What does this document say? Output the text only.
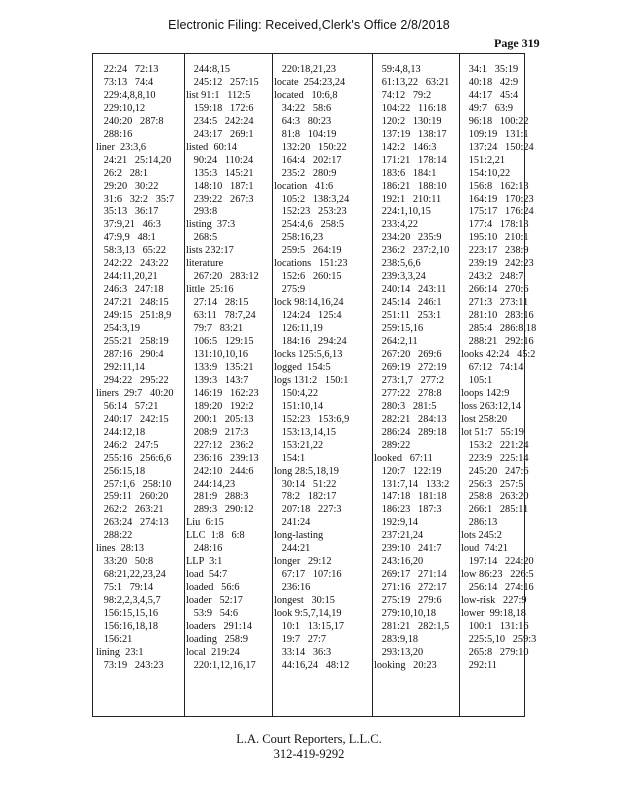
Electronic Filing: Received,Clerk's Office 2/8/2018
Page 319
22:24   72:13
73:13   74:4
229:4,8,8,10
229:10,12
240:20   287:8
288:16
liner  23:3,6
24:21   25:14,20
26:2   28:1
29:20   30:22
31:6   32:2   35:7
35:13   36:17
37:9,21   46:3
47:9,9   48:1
58:3,13   65:22
242:22   243:22
244:11,20,21
246:3   247:18
247:21   248:15
249:15   251:8,9
254:3,19
255:21   258:19
287:16   290:4
292:11,14
294:22   295:22
liners  29:7   40:20
56:14   57:21
240:17   242:15
244:12,18
246:2   247:5
255:16   256:6,6
256:15,18
257:1,6   258:10
259:11   260:20
262:2   263:21
263:24   274:13
288:22
lines  28:13
33:20   50:8
68:21,22,23,24
75:1   79:14
98:2,2,3,4,5,7
156:15,15,16
156:16,18,18
156:21
lining  23:1
73:19   243:23
244:8,15
245:12   257:15
list 91:1   112:5
159:18   172:6
234:5   242:24
243:17   269:1
listed  60:14
90:24   110:24
135:3   145:21
148:10   187:1
239:22   267:3
293:8
listing  37:3
268:5
lists 232:17
literature
267:20   283:12
little  25:16
27:14   28:15
63:11   78:7,24
79:7   83:21
106:5   129:15
131:10,10,16
133:9   135:21
139:3   143:7
146:19   162:23
189:20   192:2
200:1   205:13
208:9   217:3
227:12   236:2
236:16   239:13
242:10   244:6
244:14,23
281:9   288:3
289:3   290:12
Liu  6:15
LLC  1:8   6:8
248:16
LLP  3:1
load  54:7
loaded   56:6
loader   52:17
53:9   54:6
loaders   291:14
loading   258:9
local  219:24
220:1,12,16,17
220:18,21,23
locate  254:23,24
located   10:6,8
34:22   58:6
64:3   80:23
81:8   104:19
132:20   150:22
164:4   202:17
235:2   280:9
location   41:6
105:2   138:3,24
152:23   253:23
254:4,6   258:5
258:16,23
259:5   264:19
locations   151:23
152:6   260:15
275:9
lock 98:14,16,24
124:24   125:4
126:11,19
184:16   294:24
locks 125:5,6,13
logged  154:5
logs 131:2   150:1
150:4,22
151:10,14
152:23   153:6,9
153:13,14,15
153:21,22
154:1
long 28:5,18,19
30:14   51:22
78:2   182:17
207:18   227:3
241:24
long-lasting
244:21
longer   29:12
67:17   107:16
236:16
longest   30:15
look 9:5,7,14,19
10:1   13:15,17
19:7   27:7
33:14   36:3
44:16,24   48:12
59:4,8,13
61:13,22   63:21
74:12   79:2
104:22   116:18
120:2   130:19
137:19   138:17
142:2   146:3
171:21   178:14
183:6   184:1
186:21   188:10
192:1   210:11
224:1,10,15
233:4,22
234:20   235:9
236:2   237:2,10
238:5,6,6
239:3,3,24
240:14   243:11
245:14   246:1
251:11   253:1
259:15,16
264:2,11
267:20   269:6
269:19   272:19
273:1,7   277:2
277:22   278:8
280:3   281:5
282:21   284:13
286:24   289:18
289:22
looked   67:11
120:7   122:19
131:7,14   133:2
147:18   181:18
186:23   187:3
192:9,14
237:21,24
239:10   241:7
243:16,20
269:17   271:14
271:16   272:17
275:19   279:6
279:10,10,18
281:21   282:1,5
283:9,18
293:13,20
looking   20:23
34:1   35:19
40:18   42:9
44:17   45:4
49:7   63:9
96:18   100:22
109:19   131:1
137:24   150:24
151:2,21
154:10,22
156:8   162:13
164:19   170:23
175:17   176:24
177:4   178:13
195:10   210:1
223:17   238:9
239:19   242:23
243:2   248:7
266:14   270:6
271:3   273:11
281:10   283:16
285:4   286:8,18
288:21   292:16
looks 42:24   45:2
67:12   74:14
105:1
loops 142:9
loss 263:12,14
lost 258:20
lot 51:7   55:19
153:2   221:24
223:9   225:14
245:20   247:6
256:3   257:5
258:8   263:20
266:1   285:11
286:13
lots 245:2
loud  74:21
197:14   224:20
low 86:23   226:5
256:14   274:16
low-risk   227:9
lower  99:18,18
100:1   131:16
225:5,10   259:3
265:8   279:10
292:11
L.A. Court Reporters, L.L.C.
312-419-9292
